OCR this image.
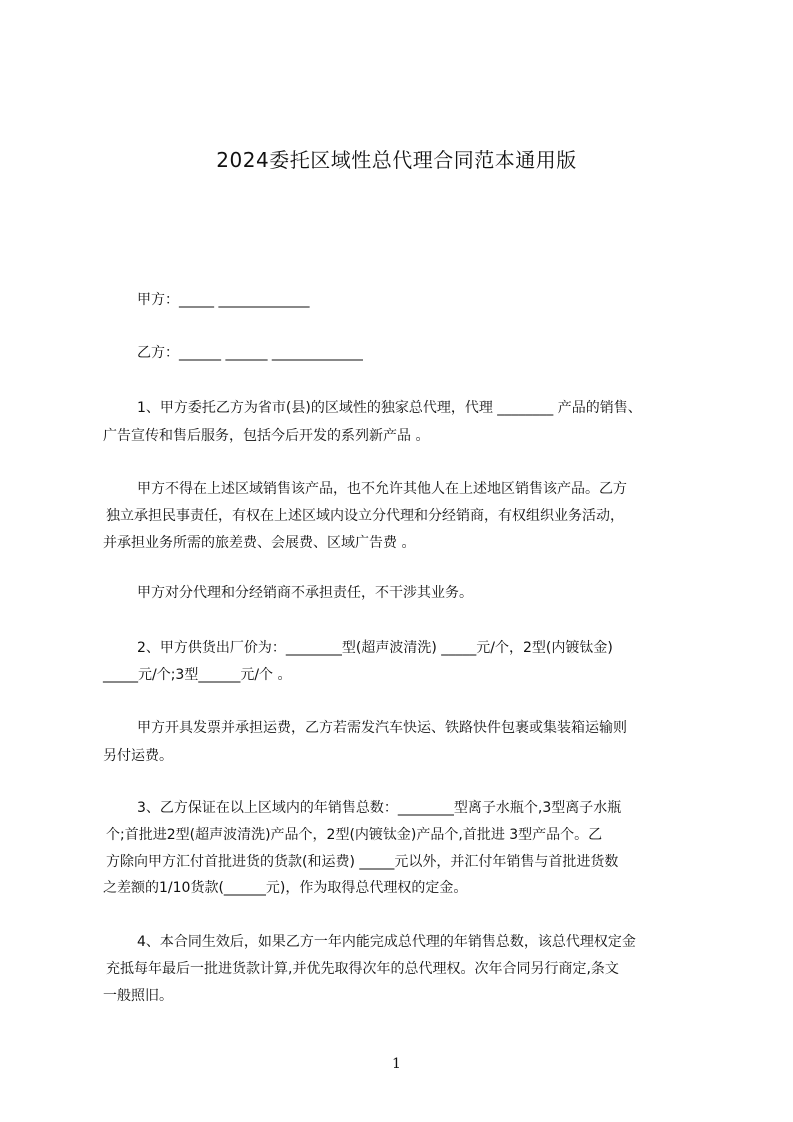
2024委托区域性总代理合同范本通用版
甲方：_____ _____________
乙方：______ ______ _____________
1、甲方委托乙方为省市(县)的区域性的独家总代理，代理 ________ 产品的销售、
广告宣传和售后服务，包括今后开发的系列新产品 。
甲方不得在上述区域销售该产品，也不允许其他人在上述地区销售该产品。乙方
独立承担民事责任，有权在上述区域内设立分代理和分经销商，有权组织业务活动，
并承担业务所需的旅差费、会展费、区域广告费 。
甲方对分代理和分经销商不承担责任，不干涉其业务。
2、甲方供货出厂价为：________型(超声波清洗) _____元/个，2型(内镀钛金)
_____元/个;3型______元/个 。
甲方开具发票并承担运费，乙方若需发汽车快运、铁路快件包裹或集装箱运输则
另付运费。
3、乙方保证在以上区域内的年销售总数：________型离子水瓶个,3型离子水瓶
个;首批进2型(超声波清洗)产品个，2型(内镀钛金)产品个,首批进 3型产品个。乙
方除向甲方汇付首批进货的货款(和运费) _____元以外，并汇付年销售与首批进货数
之差额的1/10货款(______元)，作为取得总代理权的定金。
4、本合同生效后，如果乙方一年内能完成总代理的年销售总数，该总代理权定金
充抵每年最后一批进货款计算,并优先取得次年的总代理权。次年合同另行商定,条文
一般照旧。
1
